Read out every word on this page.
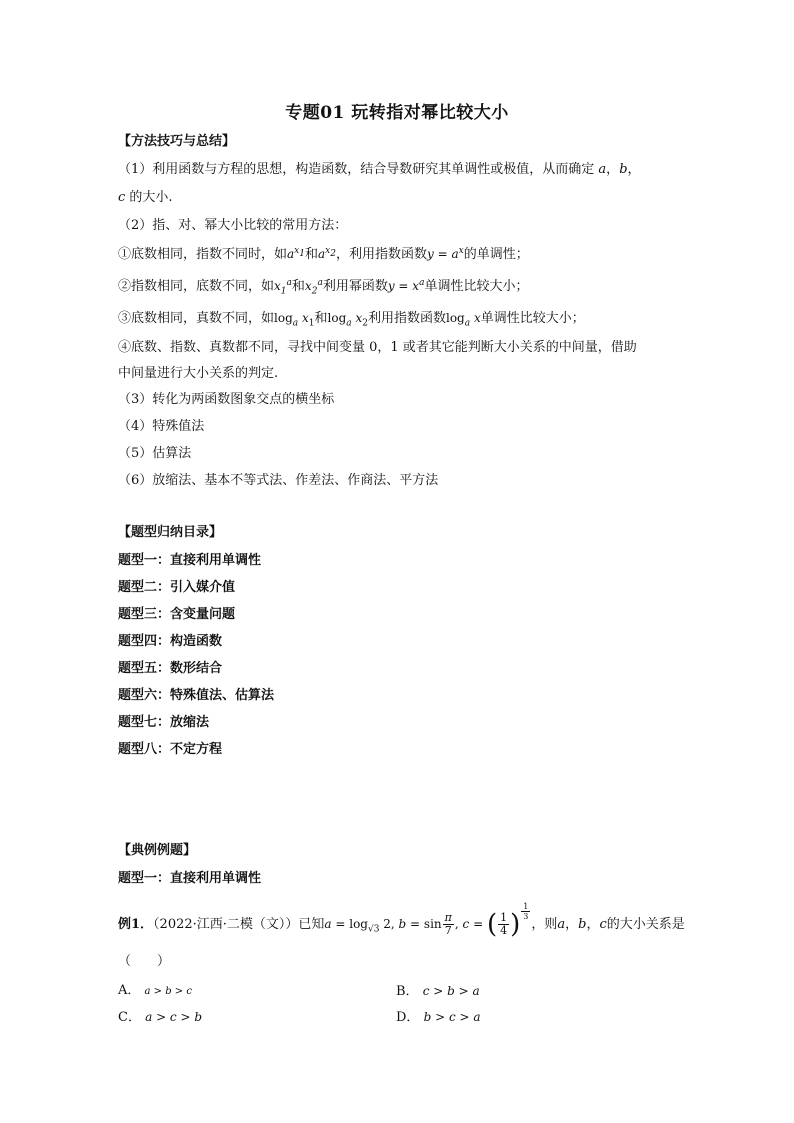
专题01 玩转指对幂比较大小
【方法技巧与总结】
（1）利用函数与方程的思想，构造函数，结合导数研究其单调性或极值，从而确定 a，b，
c 的大小.
（2）指、对、幂大小比较的常用方法：
①底数相同，指数不同时，如$a^{x_1}$和$a^{x_2}$，利用指数函数$y = a^x$的单调性；
②指数相同，底数不同，如$x_1^a$和$x_2^a$利用幂函数$y = x^a$单调性比较大小；
③底数相同，真数不同，如$\log_a x_1$和$\log_a x_2$利用指数函数$\log_a x$单调性比较大小；
④底数、指数、真数都不同，寻找中间变量 0，1 或者其它能判断大小关系的中间量，借助
中间量进行大小关系的判定.
（3）转化为两函数图象交点的横坐标
（4）特殊值法
（5）估算法
（6）放缩法、基本不等式法、作差法、作商法、平方法
【题型归纳目录】
题型一：直接利用单调性
题型二：引入媒介值
题型三：含变量问题
题型四：构造函数
题型五：数形结合
题型六：特殊值法、估算法
题型七：放缩法
题型八：不定方程
【典例例题】
题型一：直接利用单调性
例1．（2022·江西·二模（文））已知$a = \log_{√3} 2$, $b = \sin \frac{\pi}{7}$ , c = ( $\frac{1}{4}$ ) $^{\frac{1}{3}}$
，则a，b，c的大小关系是
（　　）
A． a > b > c	B． c > b > a
C． a > c > b	D． b > c > a
